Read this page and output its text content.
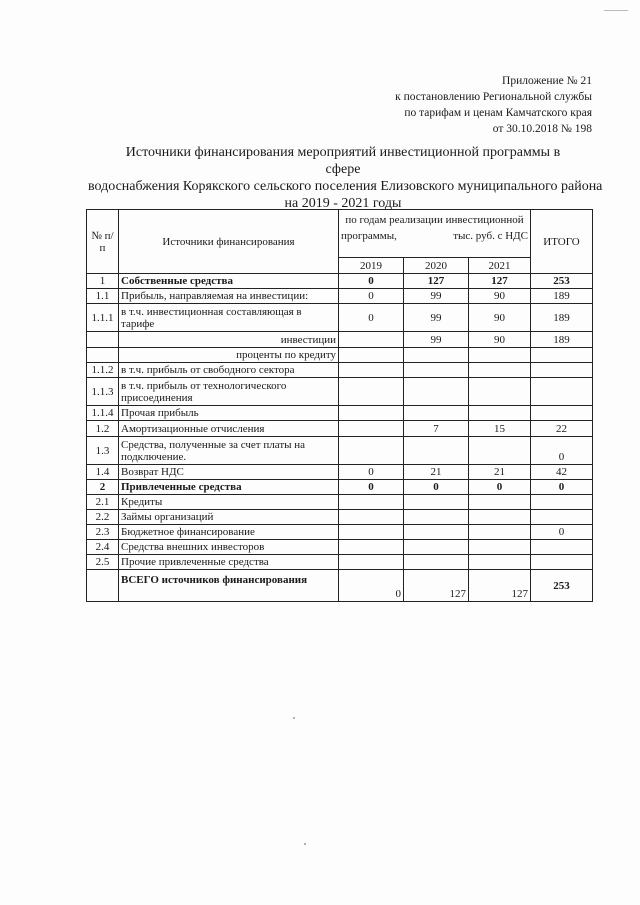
Приложение № 21
к постановлению Региональной службы
по тарифам и ценам Камчатского края
от 30.10.2018 № 198
Источники финансирования мероприятий инвестиционной программы в сфере
водоснабжения Корякского сельского поселения Елизовского муниципального района
на 2019 - 2021 годы
№ п/п	Источники финансирования	по годам реализации инвестиционной
программы, тыс. руб. с НДС			ИТОГО
		2019	2020	2021	
1	Собственные средства	0	127	127	253
1.1	Прибыль, направляемая на инвестиции:	0	99	90	189
1.1.1	в т.ч. инвестиционная составляющая в тарифе	0	99	90	189
	инвестиции		99	90	189
	проценты по кредиту				
1.1.2	в т.ч. прибыль от свободного сектора				
1.1.3	в т.ч. прибыль от технологического присоединения				
1.1.4	Прочая прибыль				
1.2	Амортизационные отчисления		7	15	22
1.3	Средства, полученные за счет платы на подключение.				0
1.4	Возврат НДС	0	21	21	42
2	Привлеченные средства	0	0	0	0
2.1	Кредиты				
2.2	Займы организаций				
2.3	Бюджетное финансирование				0
2.4	Средства внешних инвесторов				
2.5	Прочие привлеченные средства				
	ВСЕГО источников финансирования	0	127	127	253
